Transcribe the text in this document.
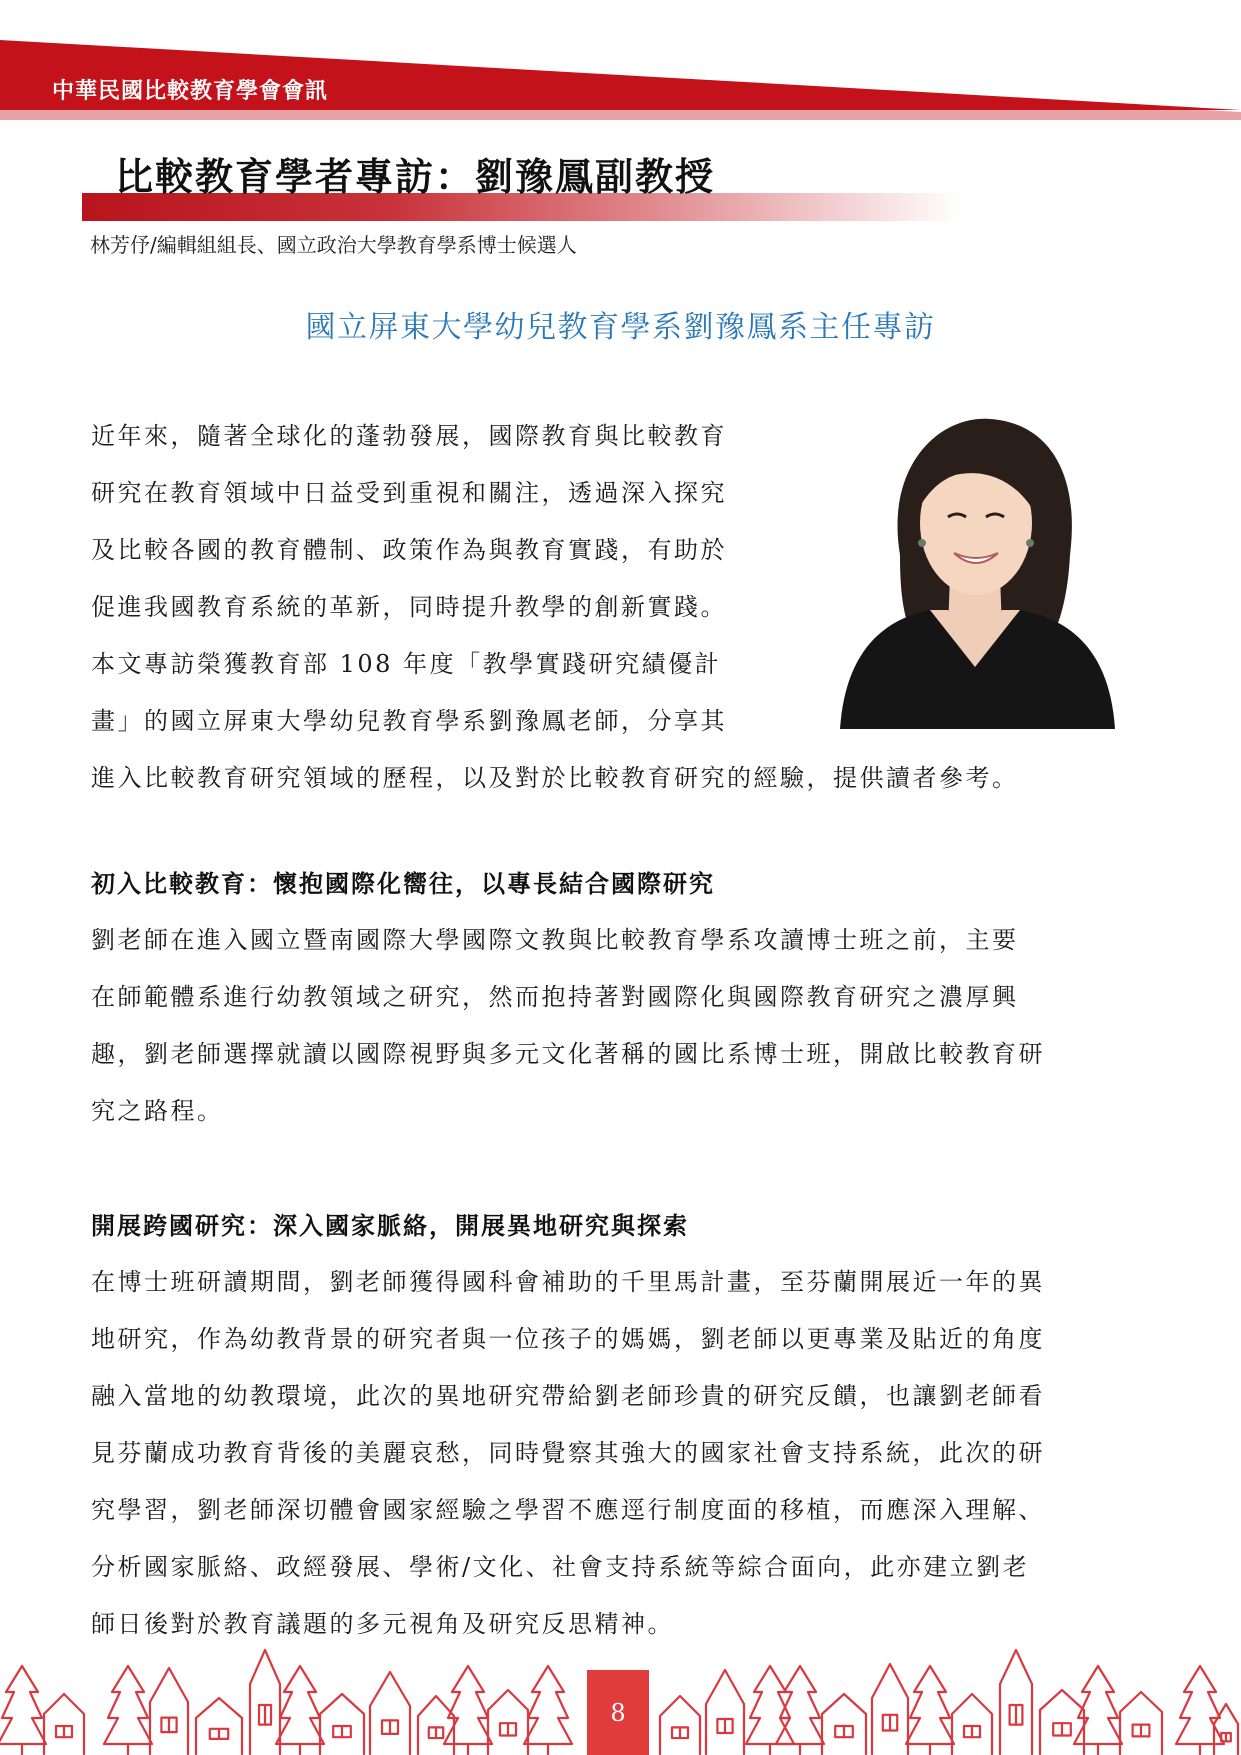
中華民國比較教育學會會訊
比較教育學者專訪：劉豫鳳副教授
林芳伃/編輯組組長、國立政治大學教育學系博士候選人
國立屏東大學幼兒教育學系劉豫鳳系主任專訪
近年來，隨著全球化的蓬勃發展，國際教育與比較教育
研究在教育領域中日益受到重視和關注，透過深入探究
及比較各國的教育體制、政策作為與教育實踐，有助於
促進我國教育系統的革新，同時提升教學的創新實踐。
本文專訪榮獲教育部 108 年度「教學實踐研究績優計
畫」的國立屏東大學幼兒教育學系劉豫鳳老師，分享其
進入比較教育研究領域的歷程，以及對於比較教育研究的經驗，提供讀者參考。
初入比較教育：懷抱國際化嚮往，以專長結合國際研究
劉老師在進入國立暨南國際大學國際文教與比較教育學系攻讀博士班之前，主要
在師範體系進行幼教領域之研究，然而抱持著對國際化與國際教育研究之濃厚興
趣，劉老師選擇就讀以國際視野與多元文化著稱的國比系博士班，開啟比較教育研
究之路程。
開展跨國研究：深入國家脈絡，開展異地研究與探索
在博士班研讀期間，劉老師獲得國科會補助的千里馬計畫，至芬蘭開展近一年的異
地研究，作為幼教背景的研究者與一位孩子的媽媽，劉老師以更專業及貼近的角度
融入當地的幼教環境，此次的異地研究帶給劉老師珍貴的研究反饋，也讓劉老師看
見芬蘭成功教育背後的美麗哀愁，同時覺察其強大的國家社會支持系統，此次的研
究學習，劉老師深切體會國家經驗之學習不應逕行制度面的移植，而應深入理解、
分析國家脈絡、政經發展、學術/文化、社會支持系統等綜合面向，此亦建立劉老
師日後對於教育議題的多元視角及研究反思精神。
8
